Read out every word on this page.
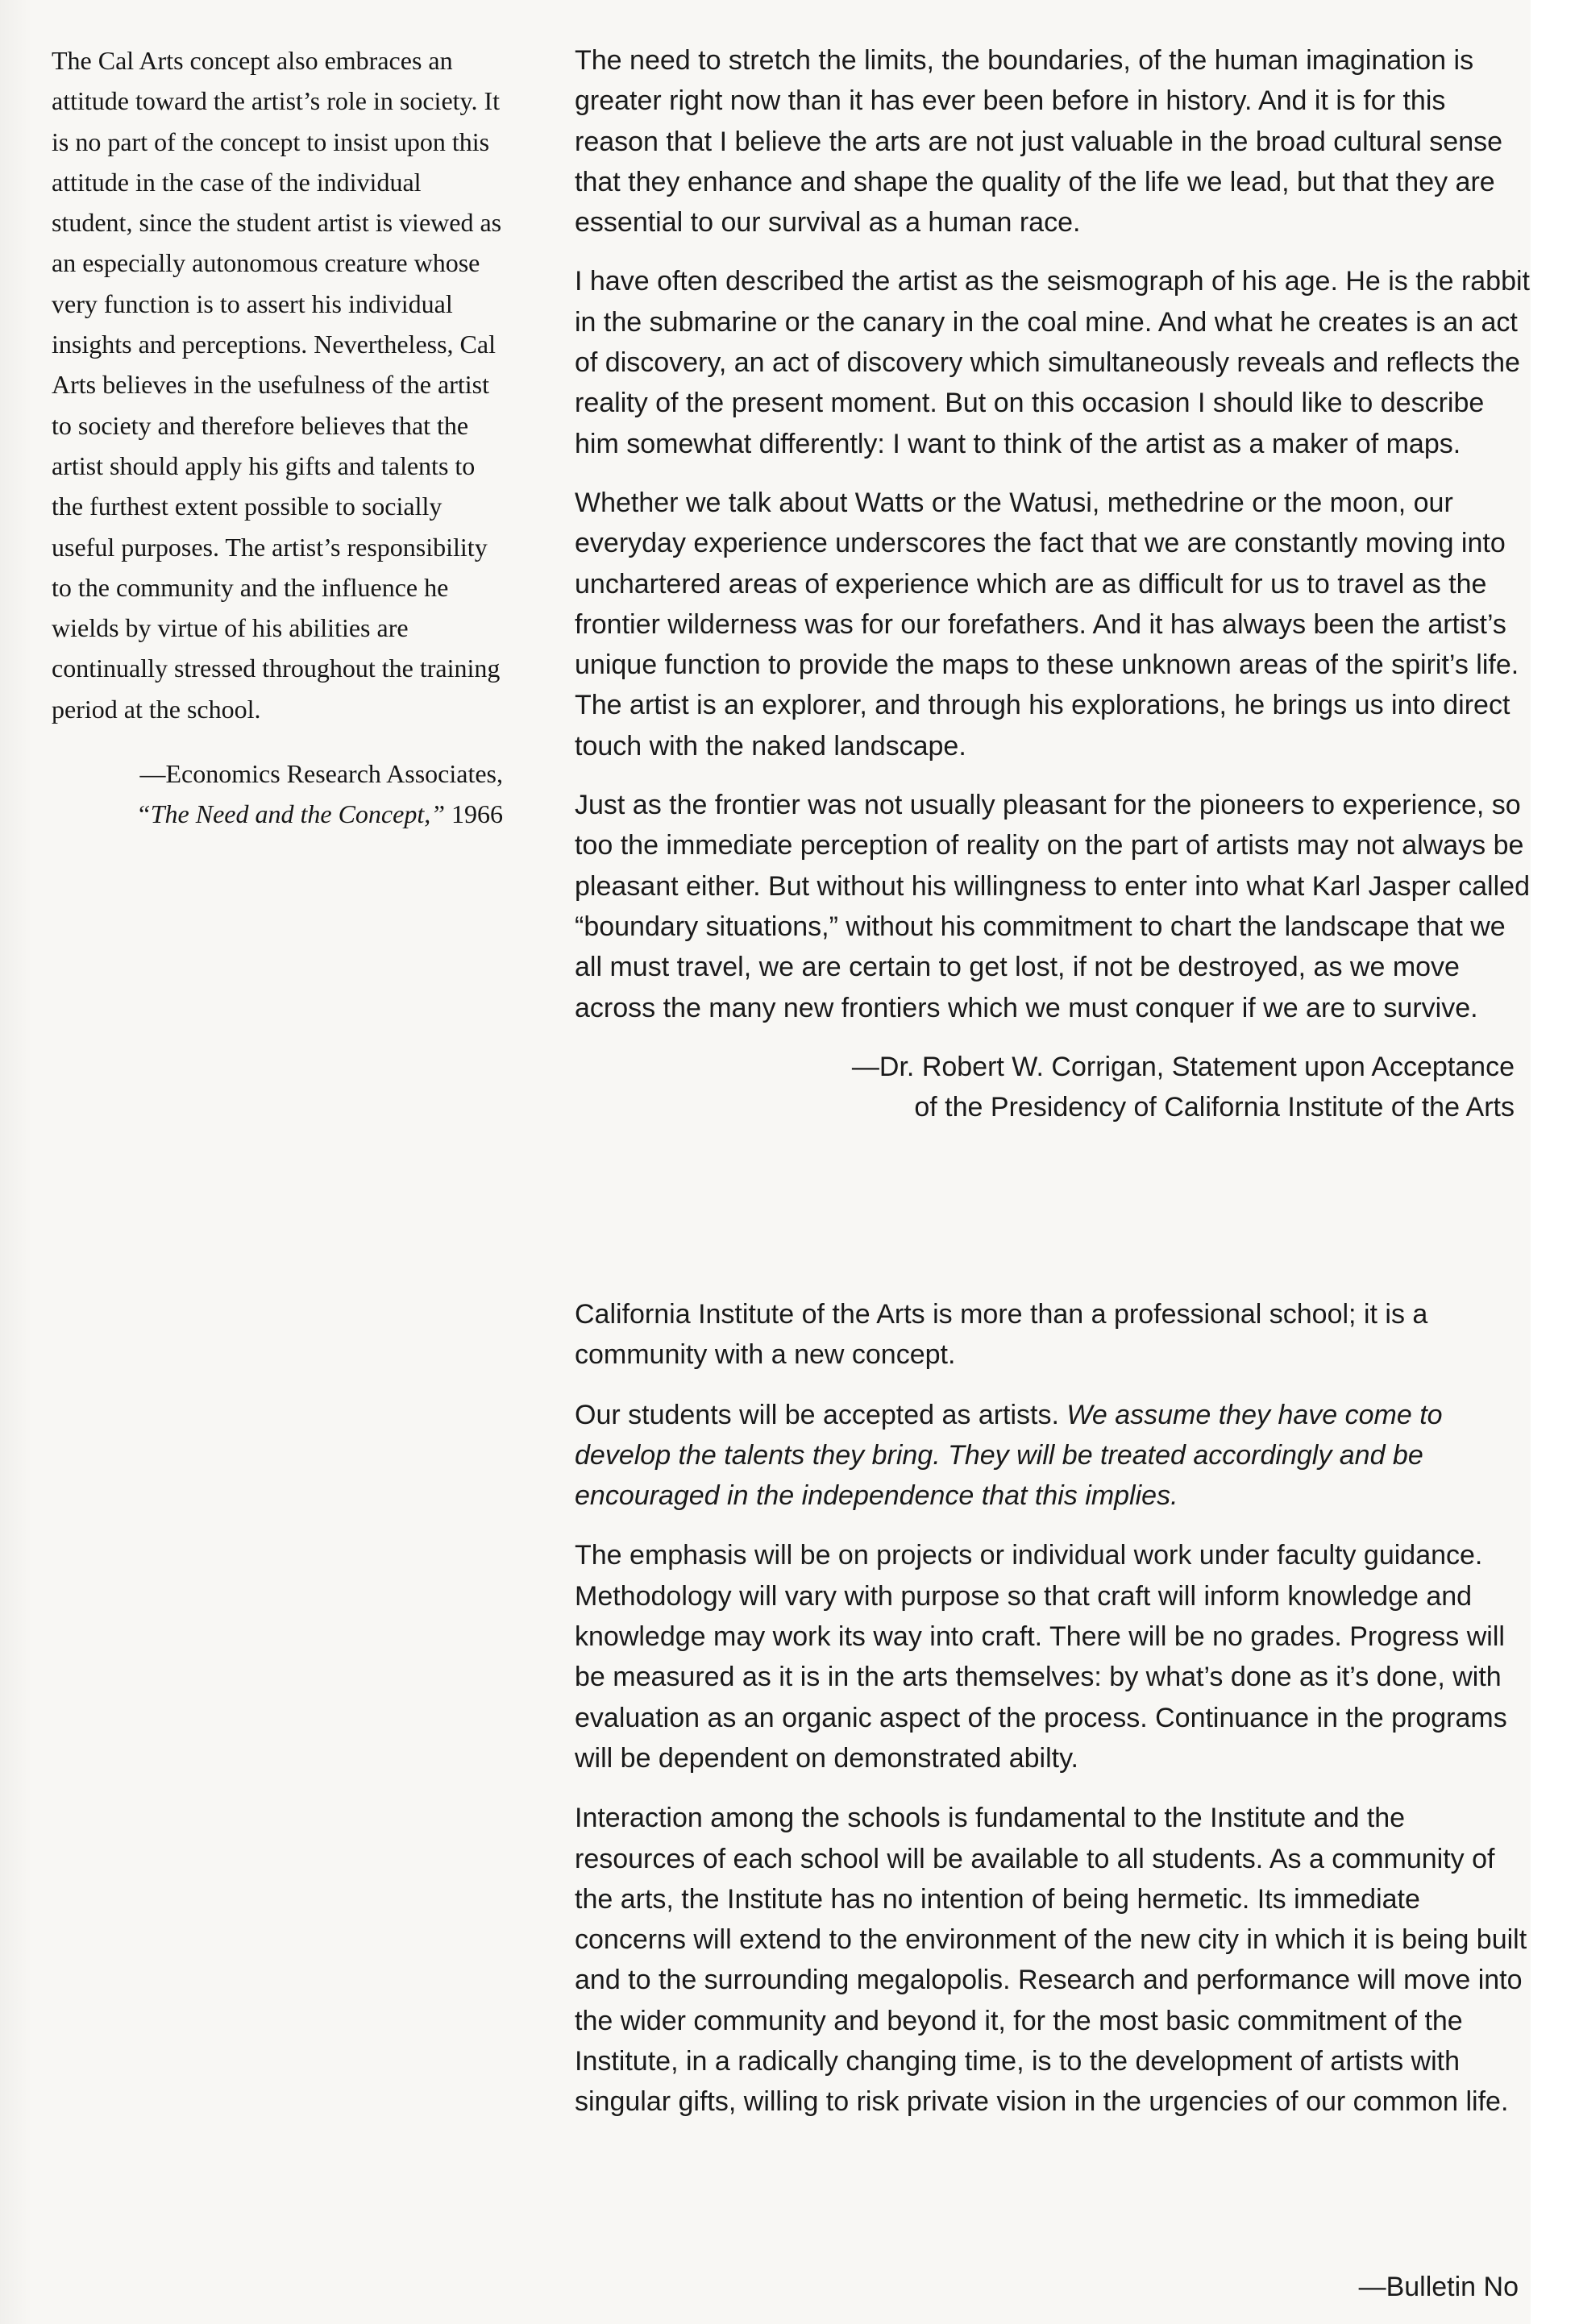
The Cal Arts concept also embraces an attitude toward the artist’s role in society. It is no part of the concept to insist upon this attitude in the case of the individual student, since the student artist is viewed as an especially autonomous creature whose very function is to assert his individual insights and perceptions. Nevertheless, Cal Arts believes in the usefulness of the artist to society and therefore believes that the artist should apply his gifts and talents to the furthest extent possible to socially useful purposes. The artist’s responsibility to the community and the influence he wields by virtue of his abilities are continually stressed throughout the training period at the school.

—Economics Research Associates,
“The Need and the Concept,” 1966

The need to stretch the limits, the boundaries, of the human imagination is greater right now than it has ever been before in history. And it is for this reason that I believe the arts are not just valuable in the broad cultural sense that they enhance and shape the quality of the life we lead, but that they are essential to our survival as a human race.

I have often described the artist as the seismograph of his age. He is the rabbit in the submarine or the canary in the coal mine. And what he creates is an act of discovery, an act of discovery which simultaneously reveals and reflects the reality of the present moment. But on this occasion I should like to describe him somewhat differently: I want to think of the artist as a maker of maps.

Whether we talk about Watts or the Watusi, methedrine or the moon, our everyday experience underscores the fact that we are constantly moving into unchartered areas of experience which are as difficult for us to travel as the frontier wilderness was for our forefathers. And it has always been the artist’s unique function to provide the maps to these unknown areas of the spirit’s life. The artist is an explorer, and through his explorations, he brings us into direct touch with the naked landscape.

Just as the frontier was not usually pleasant for the pioneers to experience, so too the immediate perception of reality on the part of artists may not always be pleasant either. But without his willingness to enter into what Karl Jasper called “boundary situations,” without his commitment to chart the landscape that we all must travel, we are certain to get lost, if not be destroyed, as we move across the many new frontiers which we must conquer if we are to survive.

—Dr. Robert W. Corrigan, Statement upon Acceptance
of the Presidency of California Institute of the Arts

California Institute of the Arts is more than a professional school; it is a community with a new concept.

Our students will be accepted as artists. We assume they have come to develop the talents they bring. They will be treated accordingly and be encouraged in the independence that this implies.

The emphasis will be on projects or individual work under faculty guidance. Methodology will vary with purpose so that craft will inform knowledge and knowledge may work its way into craft. There will be no grades. Progress will be measured as it is in the arts themselves: by what’s done as it’s done, with evaluation as an organic aspect of the process. Continuance in the programs will be dependent on demonstrated abilty.

Interaction among the schools is fundamental to the Institute and the resources of each school will be available to all students. As a community of the arts, the Institute has no intention of being hermetic. Its immediate concerns will extend to the environment of the new city in which it is being built and to the surrounding megalopolis. Research and performance will move into the wider community and beyond it, for the most basic commitment of the Institute, in a radically changing time, is to the development of artists with singular gifts, willing to risk private vision in the urgencies of our common life.

—Bulletin No
